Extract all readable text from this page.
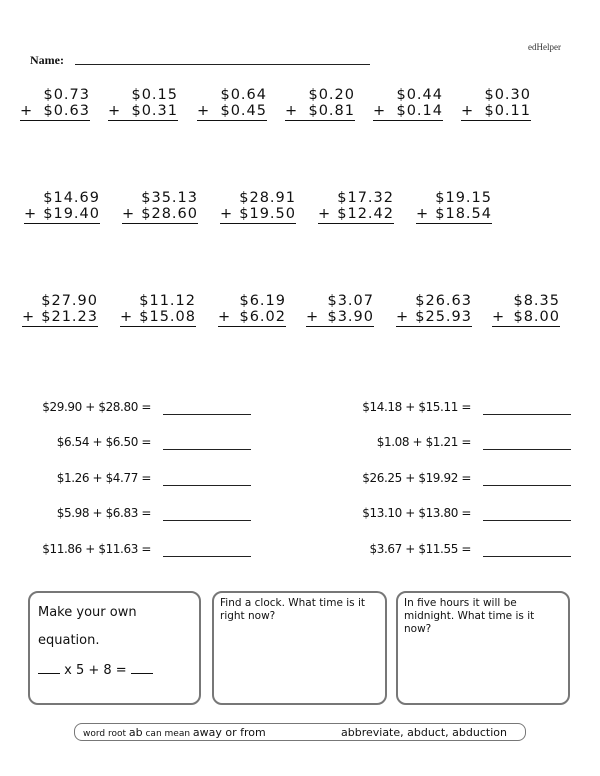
edHelper
Name:
$0.73
+ $0.63
$0.15
+ $0.31
$0.64
+ $0.45
$0.20
+ $0.81
$0.44
+ $0.14
$0.30
+ $0.11
$14.69
+ $19.40
$35.13
+ $28.60
$28.91
+ $19.50
$17.32
+ $12.42
$19.15
+ $18.54
$27.90
+ $21.23
$11.12
+ $15.08
$6.19
+ $6.02
$3.07
+ $3.90
$26.63
+ $25.93
$8.35
+ $8.00
$29.90 + $28.80 =
$6.54 + $6.50 =
$1.26 + $4.77 =
$5.98 + $6.83 =
$11.86 + $11.63 =
$14.18 + $15.11 =
$1.08 + $1.21 =
$26.25 + $19.92 =
$13.10 + $13.80 =
$3.67 + $11.55 =
Make your own
equation.
x 5 + 8 =
Find a clock. What time is it right now?
In five hours it will be midnight. What time is it now?
word root ab can mean away or from	abbreviate, abduct, abduction
